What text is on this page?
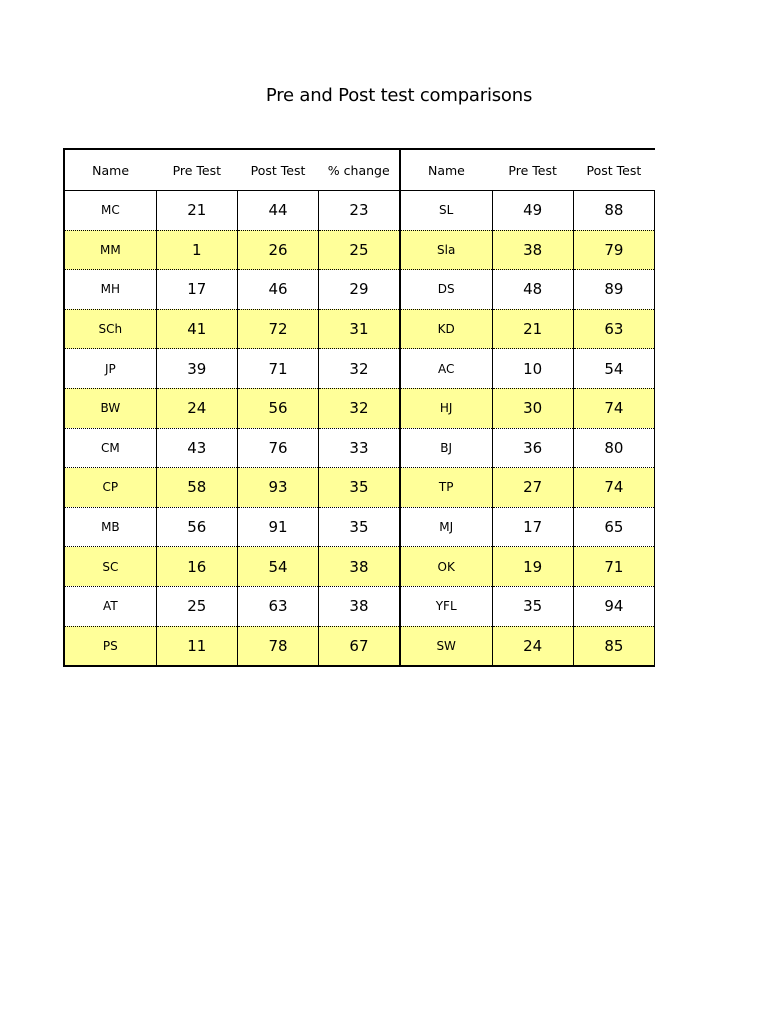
Pre and Post test comparisons
Name	Pre Test	Post Test	% change	Name	Pre Test	Post Test
MC	21	44	23	SL	49	88
MM	1	26	25	Sla	38	79
MH	17	46	29	DS	48	89
SCh	41	72	31	KD	21	63
JP	39	71	32	AC	10	54
BW	24	56	32	HJ	30	74
CM	43	76	33	BJ	36	80
CP	58	93	35	TP	27	74
MB	56	91	35	MJ	17	65
SC	16	54	38	OK	19	71
AT	25	63	38	YFL	35	94
PS	11	78	67	SW	24	85
